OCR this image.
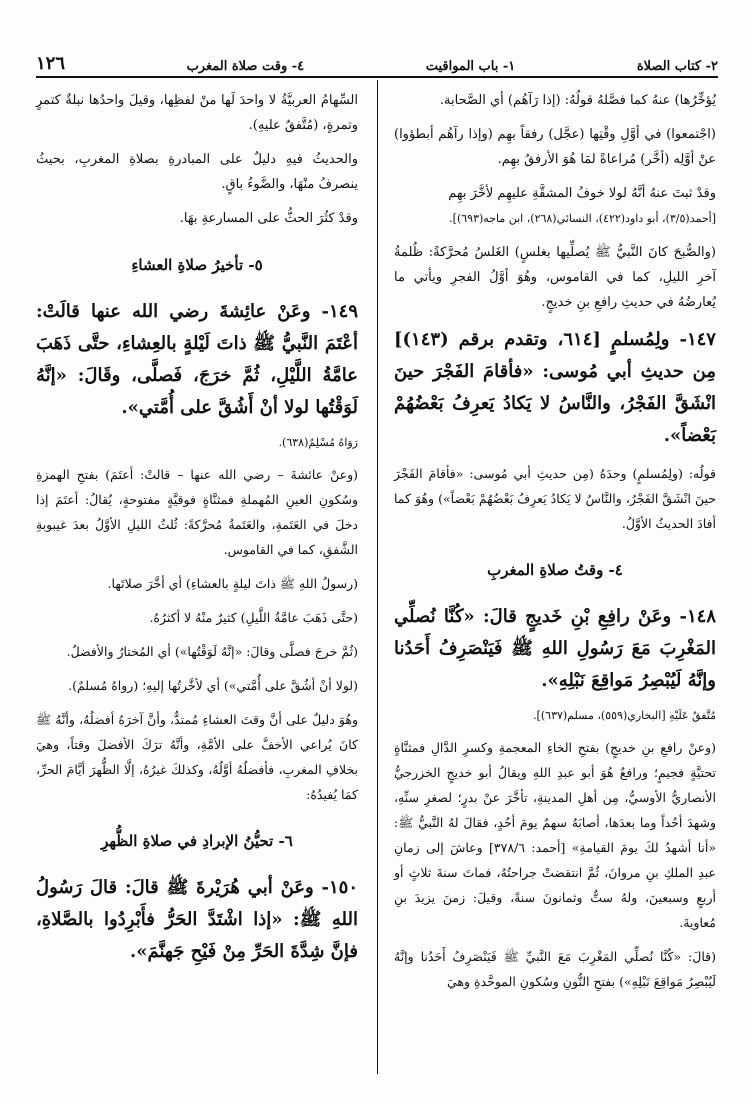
٢- كتاب الصلاة
١- باب المواقيت
٤- وقت صلاة المغرب
١٢٦

يُؤخِّرُها) عنهُ كما فصَّلهُ قولُهُ: (إذا رَآهُم) أي الصَّحابة.

(اجْتمعوا) في أوَّلِ وقْتِها (عجَّل) رفقاً بهِم (وإذا رآهُم أبطؤوا) عنْ أوَّلِه (أخَّر) مُراعاةً لمَا هُوَ الأرفقُ بهِم.

وقدْ ثبتَ عنهُ أنَّهُ لولا خوفُ المشقَّةِ عليهِم لأخَّرَ بهِم
[أحمد(٣/٥)، أبو داود(٤٢٢)، النسائي(٢٦٨)، ابن ماجه(٦٩٣)].

(والصُّبحَ كانَ النَّبيُّ ﷺ يُصلِّيها بغلسٍ) الغَلسُ مُحرَّكةً: ظُلمةُ آخرِ الليلِ، كما في القاموس، وهُوَ أوَّلُ الفجرِ ويأتي ما يُعارضُهُ في حديثِ رافعِ بنِ خديجٍ.

١٤٧- ولِمُسلمٍ [٦١٤، وتقدم برقم (١٤٣)] مِن حديثِ أبي مُوسى: «فأقامَ الفَجْرَ حينَ انْشَقَّ الفَجْرُ، والنَّاسُ لا يَكادُ يَعرِفُ بَعْضُهُمْ بَعْضاً».

قولُه: (ولِمُسلمٍ) وحدَهُ (مِن حديثِ أبي مُوسى: «فأقامَ الفَجْرَ حينَ انْشَقَّ الفَجْرُ، والنَّاسُ لا يَكادُ يَعرِفُ بَعْضُهُمْ بَعْضاً») وهُوَ كما أفادَ الحديثُ الأوَّلُ.

٤- وقتُ صلاةِ المغربِ

١٤٨- وعَنْ رافِعِ بْنِ خَديجٍ قالَ: «كُنَّا نُصلِّي المَغْرِبَ مَعَ رَسُولِ اللهِ ﷺ فَيَنْصَرِفُ أَحَدُنا وإنَّهُ لَيُبْصِرُ مَواقِعَ نَبْلِهِ».

مُتَّفقٌ عَلَيْهِ [البخاري(٥٥٩)، مسلم(٦٣٧)].

(وعنْ رافعِ بنِ خديجٍ) بفتحِ الخاءِ المعجمةِ وكسرِ الدَّالِ فمثنَّاةٍ تحتيَّةٍ فجيمٍ؛ ورافعٌ هُوَ أبو عبدِ اللهِ ويقالُ أبو خديجٍ الخزرجيُّ الأنصاريُّ الأوسيُّ، مِن أهلِ المدينةِ، تأخَّرَ عنْ بدرٍ؛ لصغرِ سنِّهِ، وشهدَ أحُداً وما بعدَها، أصابَهُ سهمٌ يومَ أحُدٍ، فقالَ لهُ النَّبيُّ ﷺ: «أنا أشهدُ لكَ يومَ القيامةِ» [أحمد: ٣٧٨/٦] وعاشَ إلى زمانِ عبدِ الملكِ بنِ مروانَ، ثُمَّ انتقضتْ جراحتُهُ، فماتَ سنةَ ثلاثٍ أو أربعٍ وسبعينَ، ولهُ ستٌّ وثمانونَ سنةً، وقيلَ: زمنَ يزيدَ بنِ مُعاويةَ.

(قالَ: «كُنَّا نُصلِّي المَغْرِبَ مَعَ النَّبيِّ ﷺ فَيَنْصَرِفُ أَحَدُنا وإنَّهُ لَيُبْصِرُ مَواقِعَ نَبْلِهِ») بفتحِ النُّونِ وسُكونِ الموحَّدةِ وهيَ

السِّهامُ العربيَّةُ لا واحدَ لَها منْ لفظِها، وقيلَ واحدُها نبلةٌ كتمرٍ وتمرةٍ، (مُتَّفقٌ عليهِ).

والحديثُ فيهِ دليلٌ على المبادرةِ بصلاةِ المغربِ، بحيثُ ينصرفُ منْهَا، والضَّوءُ باقٍ.

وقدْ كثُرَ الحثُّ على المسارعةِ بهَا.

٥- تأخيرُ صلاةِ العشاءِ

١٤٩- وعَنْ عائِشةَ رضي الله عنها قالَتْ: أعْتَمَ النَّبيُّ ﷺ ذاتَ لَيْلةٍ بالعِشاءِ، حتَّى ذَهَبَ عامَّةُ اللَّيْلِ، ثُمَّ خرَجَ، فَصلَّى، وقَالَ: «إنَّهُ لَوَقْتُها لولا أنْ أَشُقَّ على أُمَّتي».

رَوَاهُ مُسْلِمٌ(٦٣٨).

(وعنْ عائشةَ – رضي الله عنها – قالتْ: أعتَمَ) بفتحِ الهمزةِ وسُكونِ العينِ المُهملةِ فمثنَّاةٍ فوقيَّةٍ مفتوحةٍ، يُقالُ: أعتَمَ إذا دخلَ في العَتَمةِ، والعَتَمةُ مُحرَّكةً: ثُلثُ الليلِ الأوَّلُ بعدَ غيبوبةِ الشَّفقِ، كما في القاموس.

(رسولُ اللهِ ﷺ ذاتَ ليلةٍ بالعشاءِ) أي أخَّرَ صلاتَها.

(حتَّى ذَهَبَ عامَّةُ اللَّيلِ) كثيرٌ منْهُ لا أكثرُهُ.

(ثُمَّ خرجَ فصلَّى وقالَ: «إنَّهُ لَوَقْتُها») أي المُختارُ والأفضلُ.

(لولا أنْ أشُقَّ على أُمَّتي») أي لأخَّرتُها إليهِ؛ (رواهُ مُسلمٌ).

وهُوَ دليلٌ على أنَّ وقتَ العشاءِ مُمتدٌّ، وأنَّ آخرَهُ أفضلُهُ، وأنَّهُ ﷺ كانَ يُراعي الأخفَّ على الأمَّةِ، وأنَّهُ ترَكَ الأفضلَ وقتاً، وهيَ بخلافِ المغربِ، فأفضلُهُ أوَّلُهُ، وكذلكَ غيرُهُ، إلَّا الظُّهرَ أيَّامَ الحرِّ، كمَا يُفيدُهُ:

٦- تحيُّنُ الإبرادِ في صلاةِ الظُّهرِ

١٥٠- وعَنْ أبي هُرَيْرةَ ﷺ قالَ: قالَ رَسُولُ اللهِ ﷺ: «إذا اشْتَدَّ الحَرُّ فأَبْرِدُوا بالصَّلاةِ، فإنَّ شِدَّةَ الحَرِّ مِنْ فَيْحِ جَهنَّمَ».
